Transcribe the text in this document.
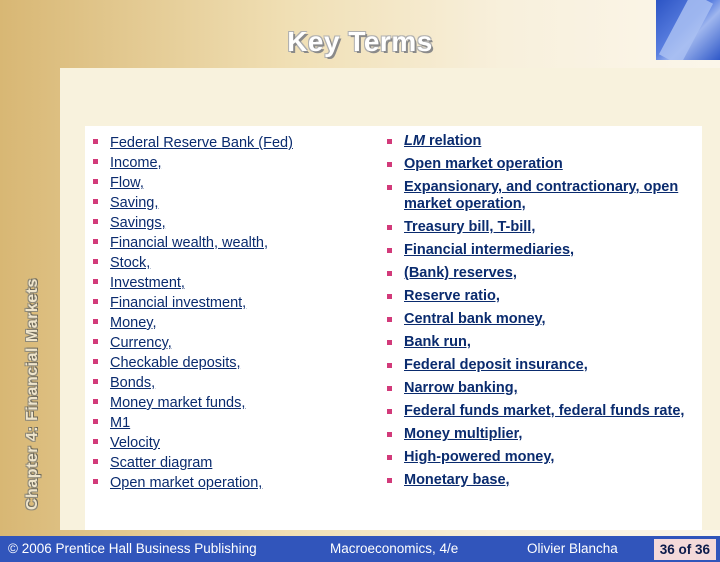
Key Terms
Chapter 4: Financial Markets
Federal Reserve Bank (Fed)
Income,
Flow,
Saving,
Savings,
Financial wealth, wealth,
Stock,
Investment,
Financial investment,
Money,
Currency,
Checkable deposits,
Bonds,
Money market funds,
M1
Velocity
Scatter diagram
Open market operation,
LM relation
Open market operation
Expansionary, and contractionary, open market operation,
Treasury bill, T-bill,
Financial intermediaries,
(Bank) reserves,
Reserve ratio,
Central bank money,
Bank run,
Federal deposit insurance,
Narrow banking,
Federal funds market, federal funds rate,
Money multiplier,
High-powered money,
Monetary base,
© 2006 Prentice Hall Business Publishing	Macroeconomics, 4/e	Olivier Blancha	36 of 36
